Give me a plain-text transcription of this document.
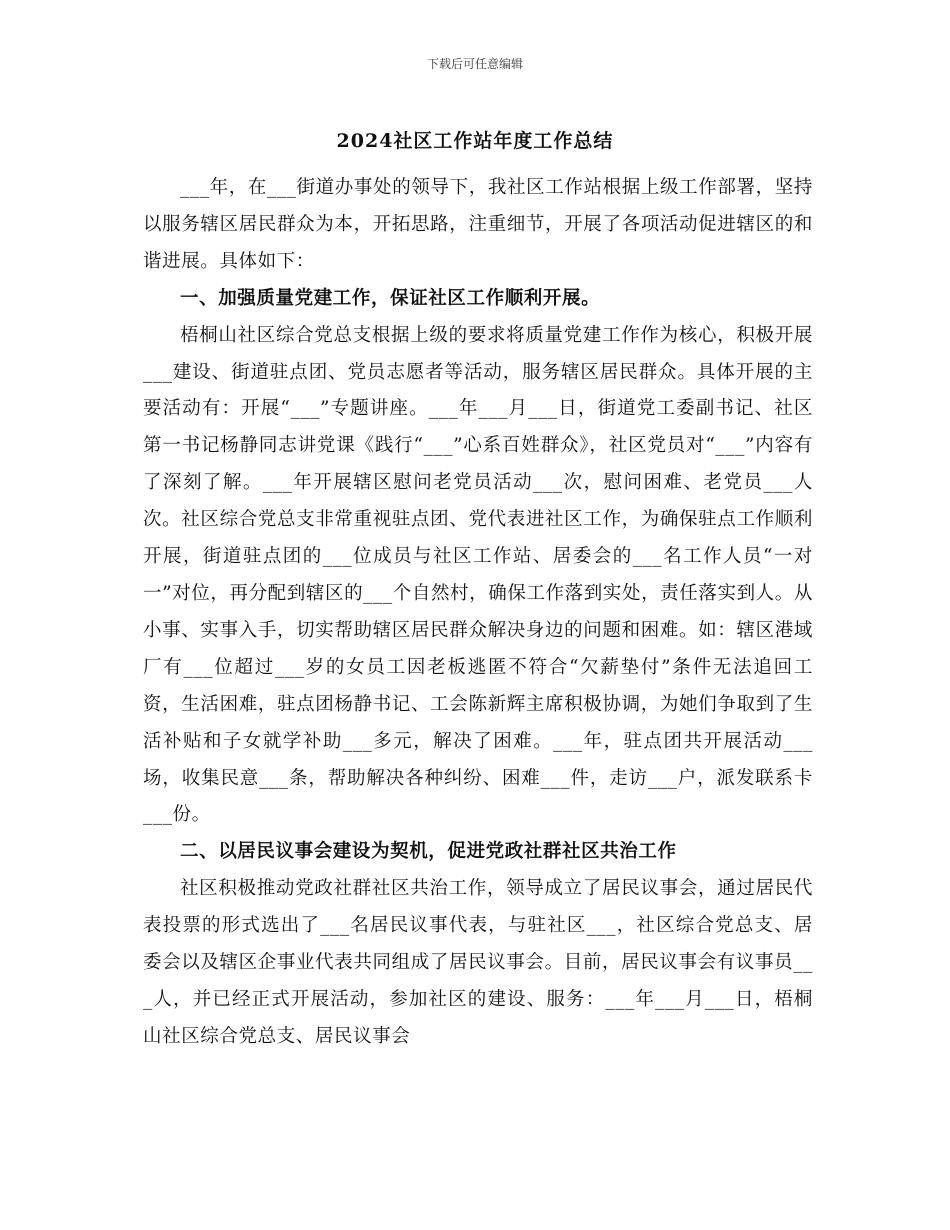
下载后可任意编辑
2024社区工作站年度工作总结

___年，在___街道办事处的领导下，我社区工作站根据上级工作部署，坚持以服务辖区居民群众为本，开拓思路，注重细节，开展了各项活动促进辖区的和谐进展。具体如下：

一、加强质量党建工作，保证社区工作顺利开展。

梧桐山社区综合党总支根据上级的要求将质量党建工作作为核心，积极开展___建设、街道驻点团、党员志愿者等活动，服务辖区居民群众。具体开展的主要活动有：开展“___”专题讲座。___年___月___日，街道党工委副书记、社区第一书记杨静同志讲党课《践行“___”心系百姓群众》，社区党员对“___”内容有了深刻了解。___年开展辖区慰问老党员活动___次，慰问困难、老党员___人次。社区综合党总支非常重视驻点团、党代表进社区工作，为确保驻点工作顺利开展，街道驻点团的___位成员与社区工作站、居委会的___名工作人员“一对一”对位，再分配到辖区的___个自然村，确保工作落到实处，责任落实到人。从小事、实事入手，切实帮助辖区居民群众解决身边的问题和困难。如：辖区港域厂有___位超过___岁的女员工因老板逃匿不符合“欠薪垫付”条件无法追回工资，生活困难，驻点团杨静书记、工会陈新辉主席积极协调，为她们争取到了生活补贴和子女就学补助___多元，解决了困难。___年，驻点团共开展活动___场，收集民意___条，帮助解决各种纠纷、困难___件，走访___户，派发联系卡___份。

二、以居民议事会建设为契机，促进党政社群社区共治工作

社区积极推动党政社群社区共治工作，领导成立了居民议事会，通过居民代表投票的形式选出了___名居民议事代表，与驻社区___，社区综合党总支、居委会以及辖区企事业代表共同组成了居民议事会。目前，居民议事会有议事员___人，并已经正式开展活动，参加社区的建设、服务：___年___月___日，梧桐山社区综合党总支、居民议事会
